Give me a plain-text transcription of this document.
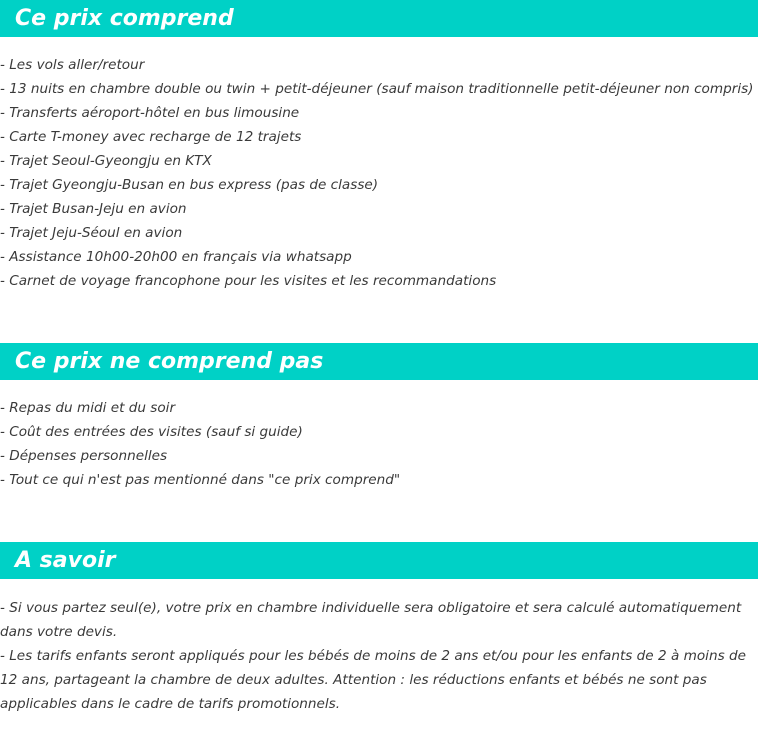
Ce prix comprend
- Les vols aller/retour
- 13 nuits en chambre double ou twin + petit-déjeuner (sauf maison traditionnelle petit-déjeuner non compris)
- Transferts aéroport-hôtel en bus limousine
- Carte T-money avec recharge de 12 trajets
- Trajet Seoul-Gyeongju en KTX
- Trajet Gyeongju-Busan en bus express (pas de classe)
- Trajet Busan-Jeju en avion
- Trajet Jeju-Séoul en avion
- Assistance 10h00-20h00 en français via whatsapp
- Carnet de voyage francophone pour les visites et les recommandations
Ce prix ne comprend pas
- Repas du midi et du soir
- Coût des entrées des visites (sauf si guide)
- Dépenses personnelles
- Tout ce qui n'est pas mentionné dans "ce prix comprend"
A savoir

- Si vous partez seul(e), votre prix en chambre individuelle sera obligatoire et sera calculé automatiquement dans votre devis.

- Les tarifs enfants seront appliqués pour les bébés de moins de 2 ans et/ou pour les enfants de 2 à moins de 12 ans, partageant la chambre de deux adultes. Attention : les réductions enfants et bébés ne sont pas applicables dans le cadre de tarifs promotionnels.
